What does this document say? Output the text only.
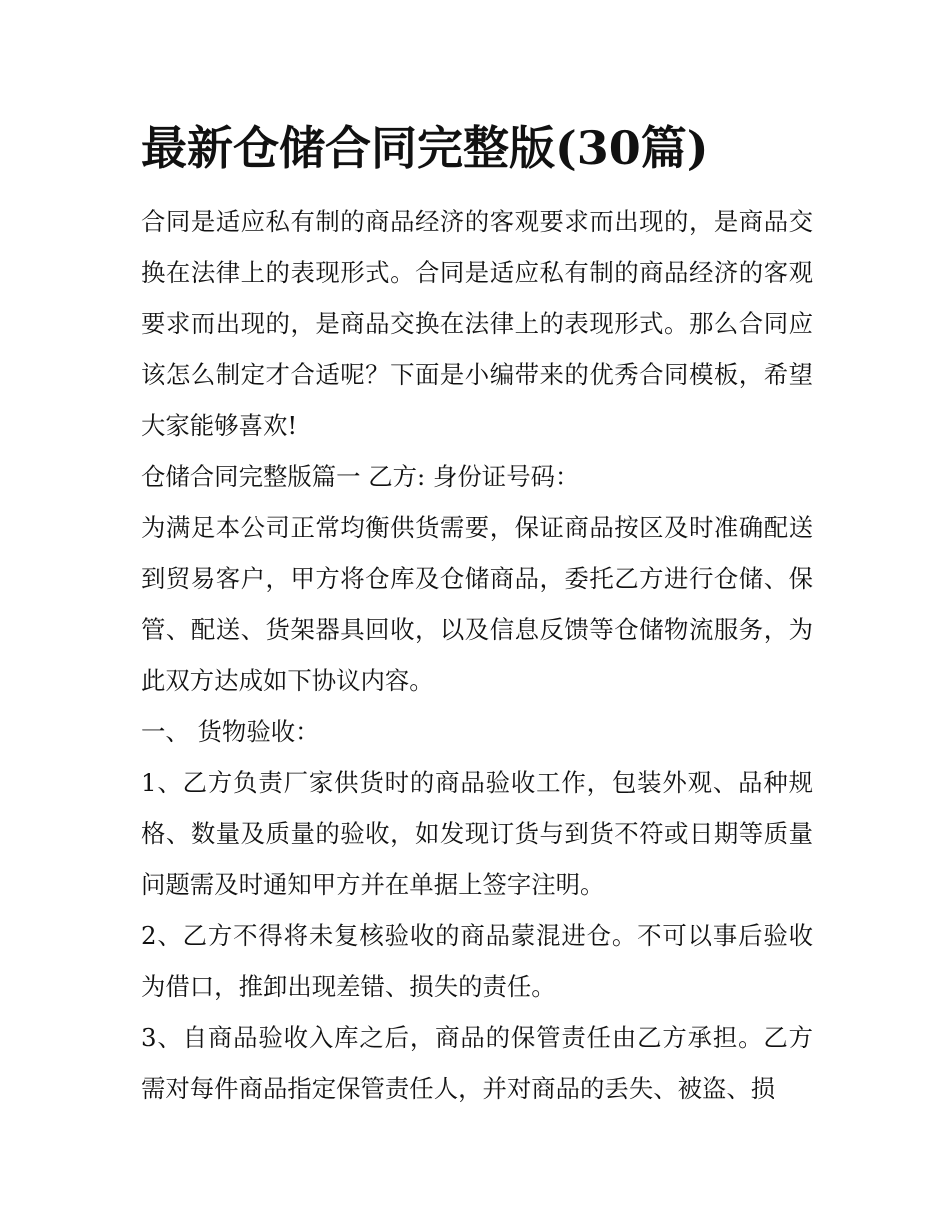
最新仓储合同完整版(30篇)

合同是适应私有制的商品经济的客观要求而出现的，是商品交换在法律上的表现形式。合同是适应私有制的商品经济的客观要求而出现的，是商品交换在法律上的表现形式。那么合同应该怎么制定才合适呢？下面是小编带来的优秀合同模板，希望大家能够喜欢!

仓储合同完整版篇一 乙方: 身份证号码：

为满足本公司正常均衡供货需要，保证商品按区及时准确配送到贸易客户，甲方将仓库及仓储商品，委托乙方进行仓储、保管、配送、货架器具回收，以及信息反馈等仓储物流服务，为此双方达成如下协议内容。

一、 货物验收：

1、乙方负责厂家供货时的商品验收工作，包装外观、品种规格、数量及质量的验收，如发现订货与到货不符或日期等质量问题需及时通知甲方并在单据上签字注明。

2、乙方不得将未复核验收的商品蒙混进仓。不可以事后验收为借口，推卸出现差错、损失的责任。

3、自商品验收入库之后，商品的保管责任由乙方承担。乙方需对每件商品指定保管责任人，并对商品的丢失、被盗、损
